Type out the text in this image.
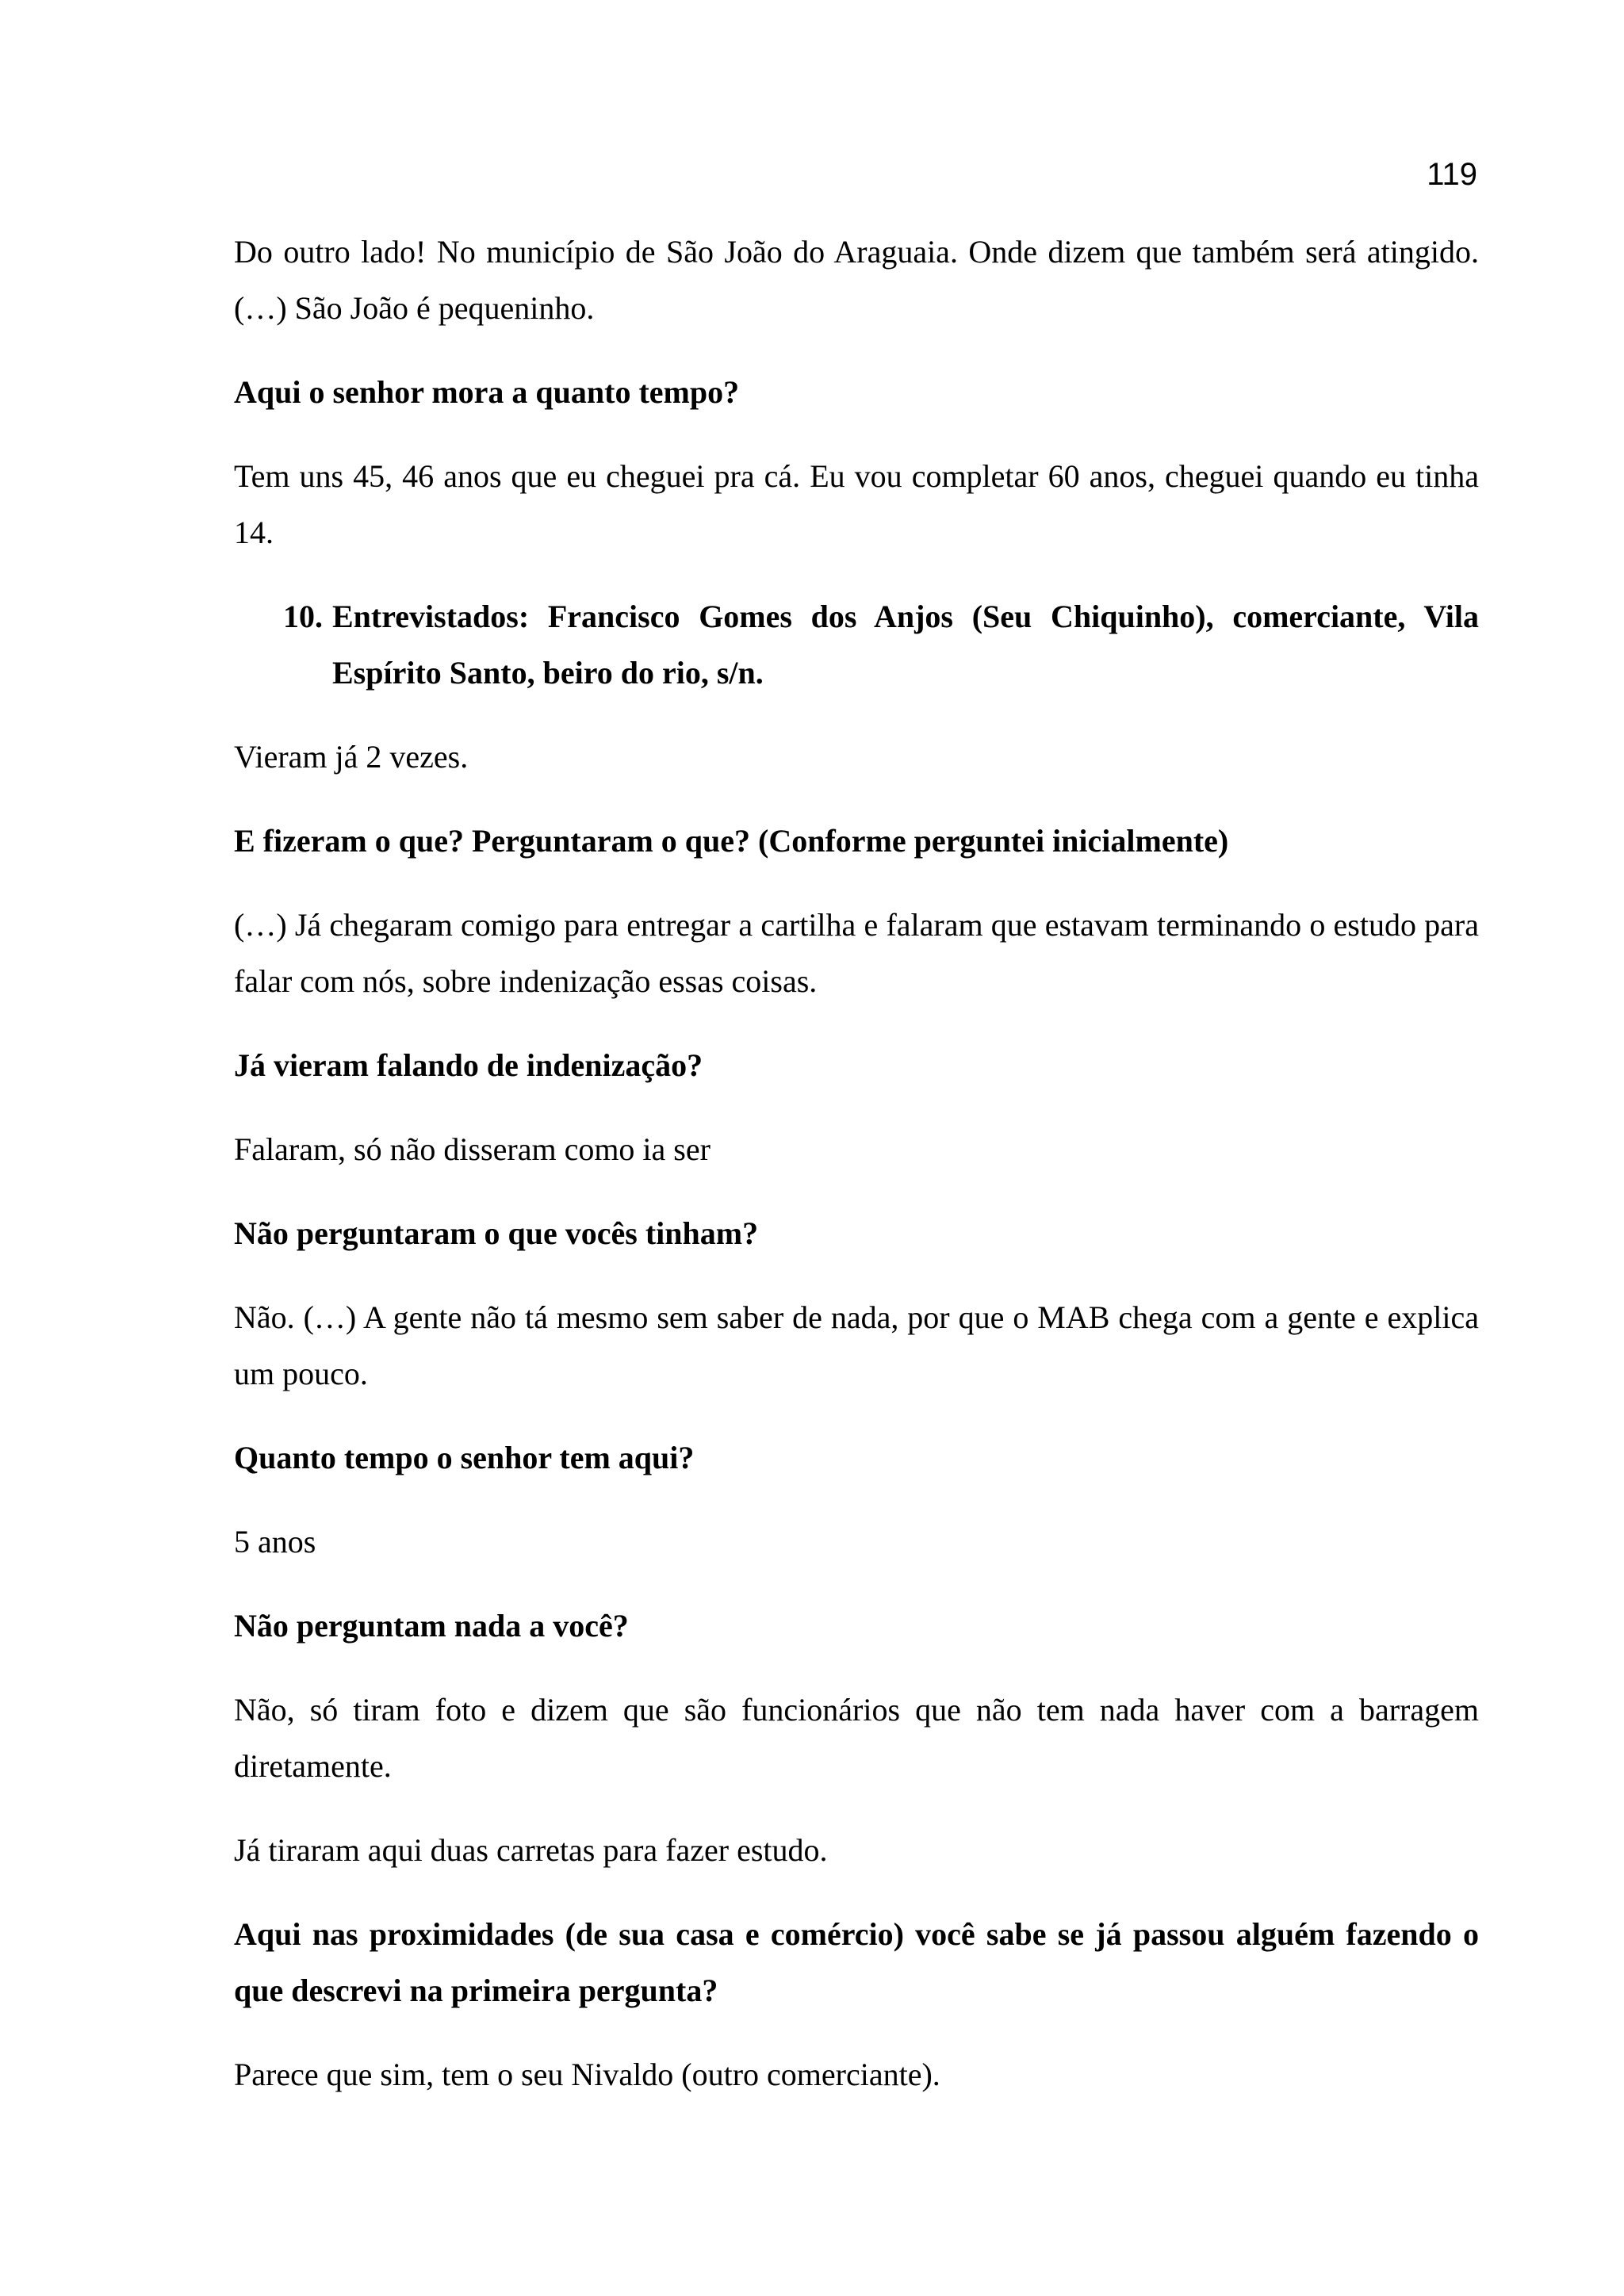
119

Do outro lado! No município de São João do Araguaia. Onde dizem que também será atingido. (…) São João é pequeninho.

Aqui o senhor mora a quanto tempo?

Tem uns 45, 46 anos que eu cheguei pra cá. Eu vou completar 60 anos, cheguei quando eu tinha 14.

10. Entrevistados: Francisco Gomes dos Anjos (Seu Chiquinho), comerciante, Vila Espírito Santo, beiro do rio, s/n.

Vieram já 2 vezes.

E fizeram o que? Perguntaram o que? (Conforme perguntei inicialmente)

(…) Já chegaram comigo para entregar a cartilha e falaram que estavam terminando o estudo para falar com nós, sobre indenização essas coisas.

Já vieram falando de indenização?

Falaram, só não disseram como ia ser

Não perguntaram o que vocês tinham?

Não. (…) A gente não tá mesmo sem saber de nada, por que o MAB chega com a gente e explica um pouco.

Quanto tempo o senhor tem aqui?

5 anos

Não perguntam nada a você?

Não, só tiram foto e dizem que são funcionários que não tem nada haver com a barragem diretamente.

Já tiraram aqui duas carretas para fazer estudo.

Aqui nas proximidades (de sua casa e comércio) você sabe se já passou alguém fazendo o que descrevi na primeira pergunta?

Parece que sim, tem o seu Nivaldo (outro comerciante).
